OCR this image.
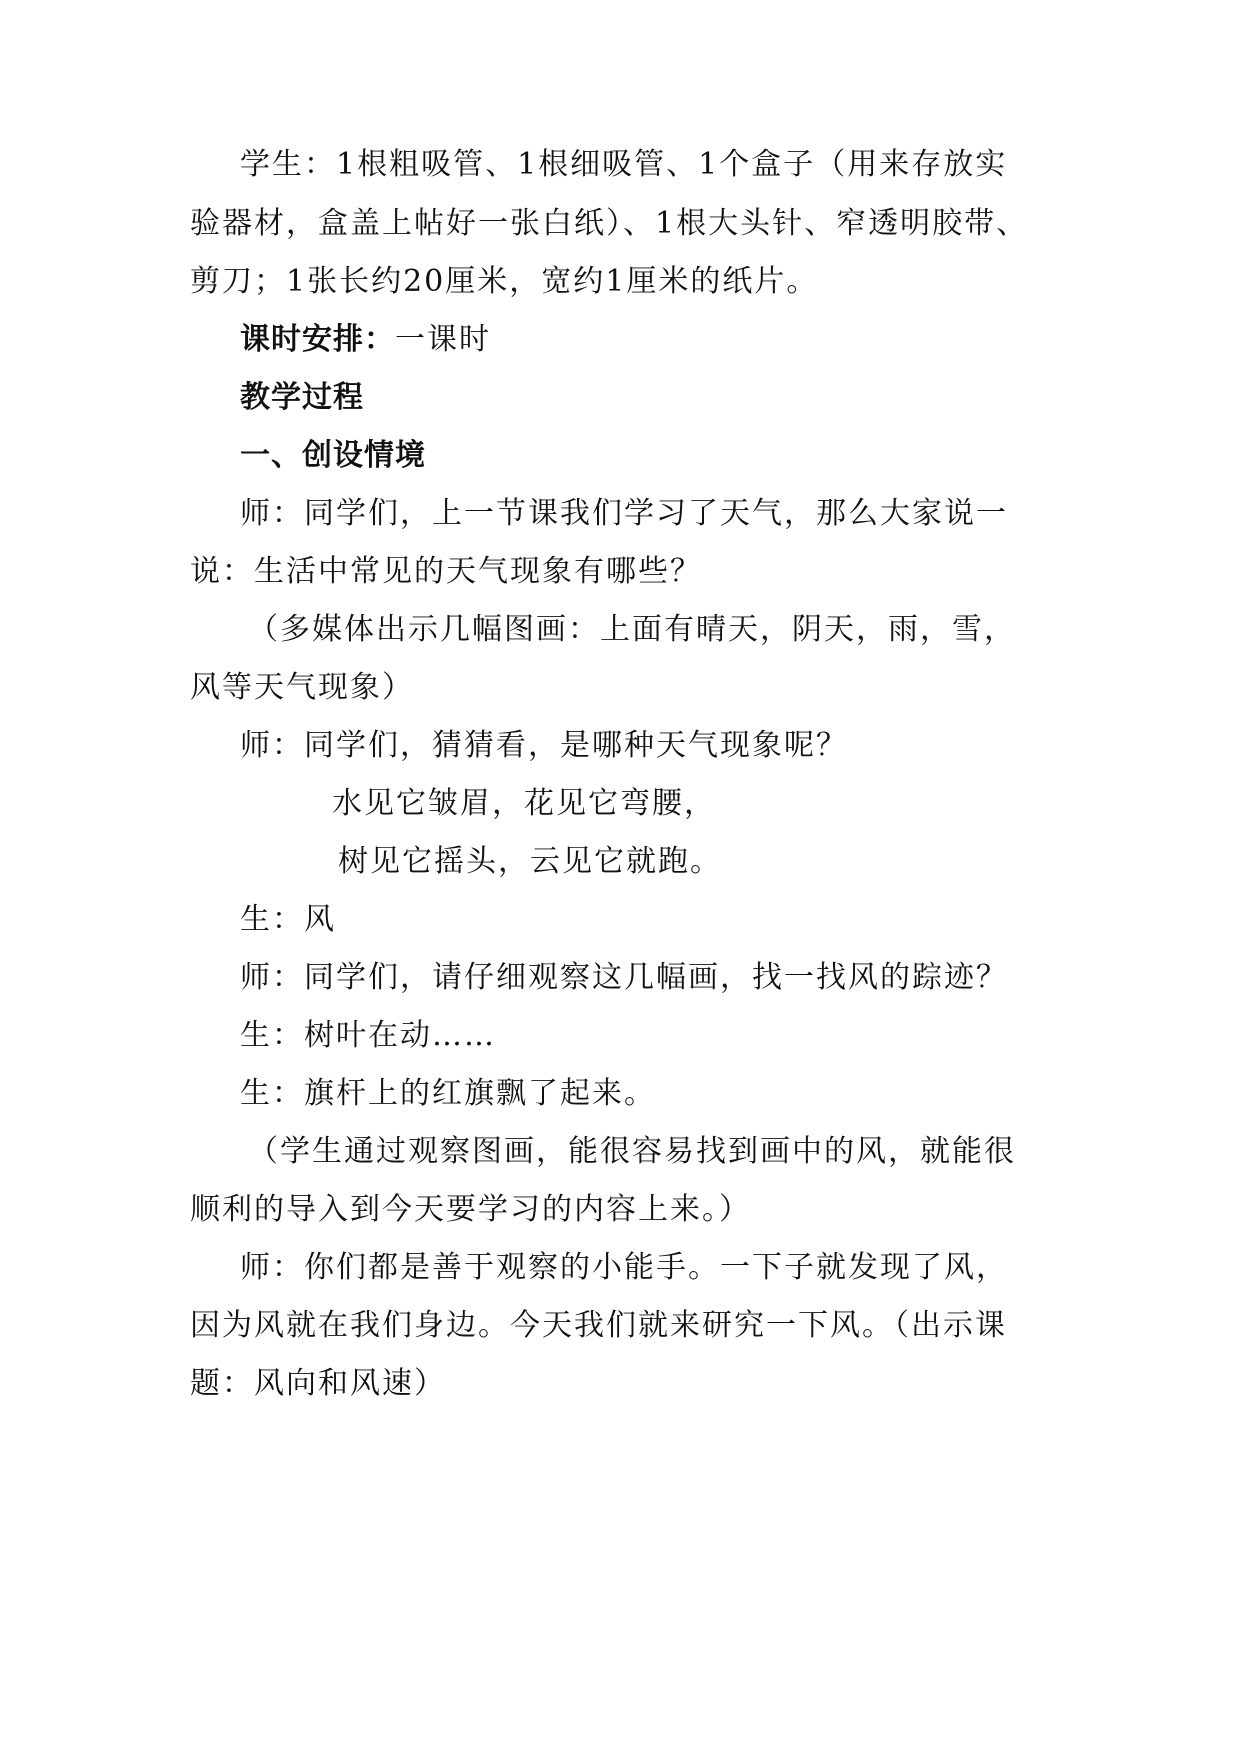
学生：1根粗吸管、1根细吸管、1个盒子（用来存放实
验器材，盒盖上帖好一张白纸）、1根大头针、窄透明胶带、
剪刀；1张长约20厘米，宽约1厘米的纸片。
课时安排：一课时
教学过程
一、创设情境
师：同学们，上一节课我们学习了天气，那么大家说一
说：生活中常见的天气现象有哪些？
（多媒体出示几幅图画：上面有晴天，阴天，雨，雪，
风等天气现象）
师：同学们，猜猜看，是哪种天气现象呢？
水见它皱眉，花见它弯腰，
树见它摇头，云见它就跑。
生：风
师：同学们，请仔细观察这几幅画，找一找风的踪迹？
生：树叶在动……
生：旗杆上的红旗飘了起来。
（学生通过观察图画，能很容易找到画中的风，就能很
顺利的导入到今天要学习的内容上来。）
师：你们都是善于观察的小能手。一下子就发现了风，
因为风就在我们身边。今天我们就来研究一下风。（出示课
题：风向和风速）
